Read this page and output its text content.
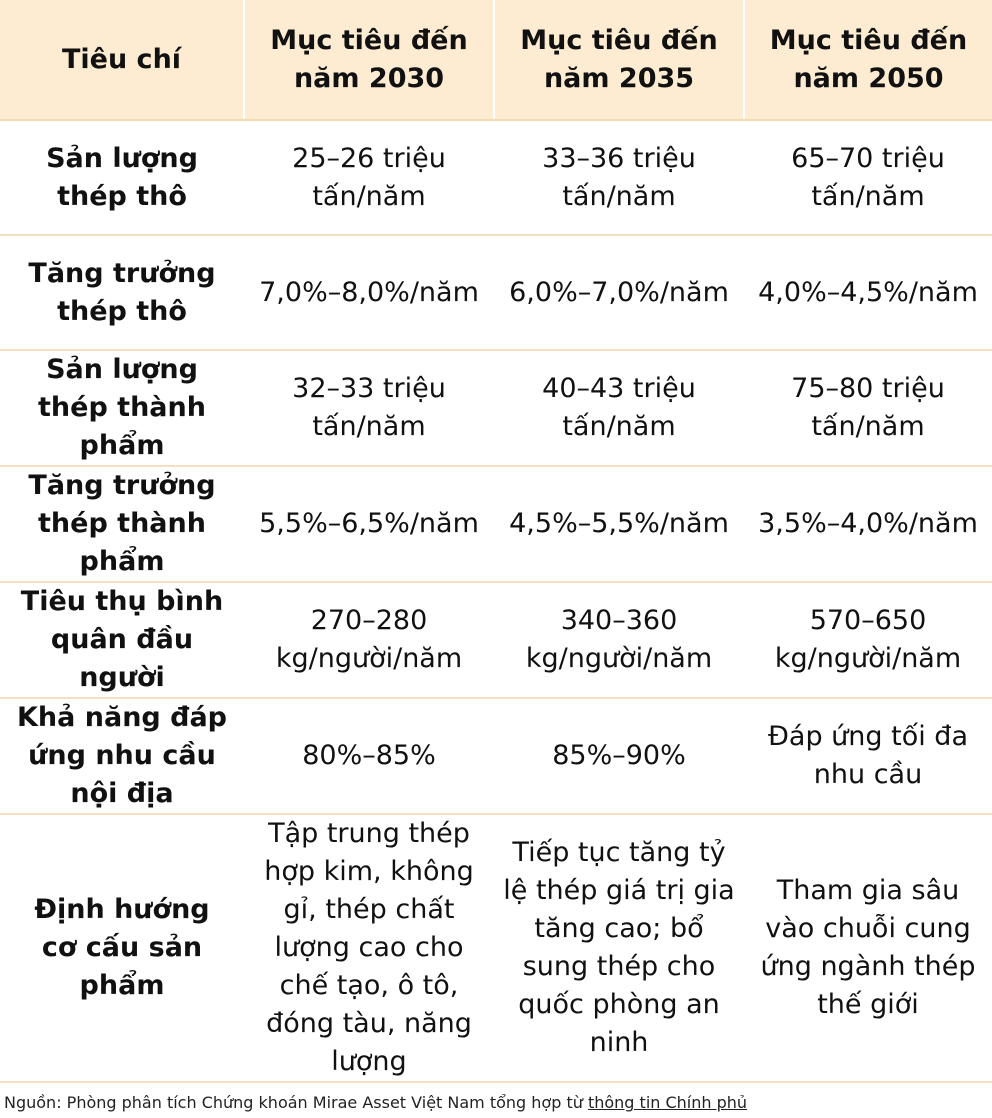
Tiêu chí	Mục tiêu đến năm 2030	Mục tiêu đến năm 2035	Mục tiêu đến năm 2050
Sản lượng thép thô	25–26 triệu tấn/năm	33–36 triệu tấn/năm	65–70 triệu tấn/năm
Tăng trưởng thép thô	7,0%–8,0%/năm	6,0%–7,0%/năm	4,0%–4,5%/năm
Sản lượng thép thành phẩm	32–33 triệu tấn/năm	40–43 triệu tấn/năm	75–80 triệu tấn/năm
Tăng trưởng thép thành phẩm	5,5%–6,5%/năm	4,5%–5,5%/năm	3,5%–4,0%/năm
Tiêu thụ bình quân đầu người	270–280 kg/người/năm	340–360 kg/người/năm	570–650 kg/người/năm
Khả năng đáp ứng nhu cầu nội địa	80%–85%	85%–90%	Đáp ứng tối đa nhu cầu
Định hướng cơ cấu sản phẩm	Tập trung thép hợp kim, không gỉ, thép chất lượng cao cho chế tạo, ô tô, đóng tàu, năng lượng	Tiếp tục tăng tỷ lệ thép giá trị gia tăng cao; bổ sung thép cho quốc phòng an ninh	Tham gia sâu vào chuỗi cung ứng ngành thép thế giới
Nguồn: Phòng phân tích Chứng khoán Mirae Asset Việt Nam tổng hợp từ thông tin Chính phủ
